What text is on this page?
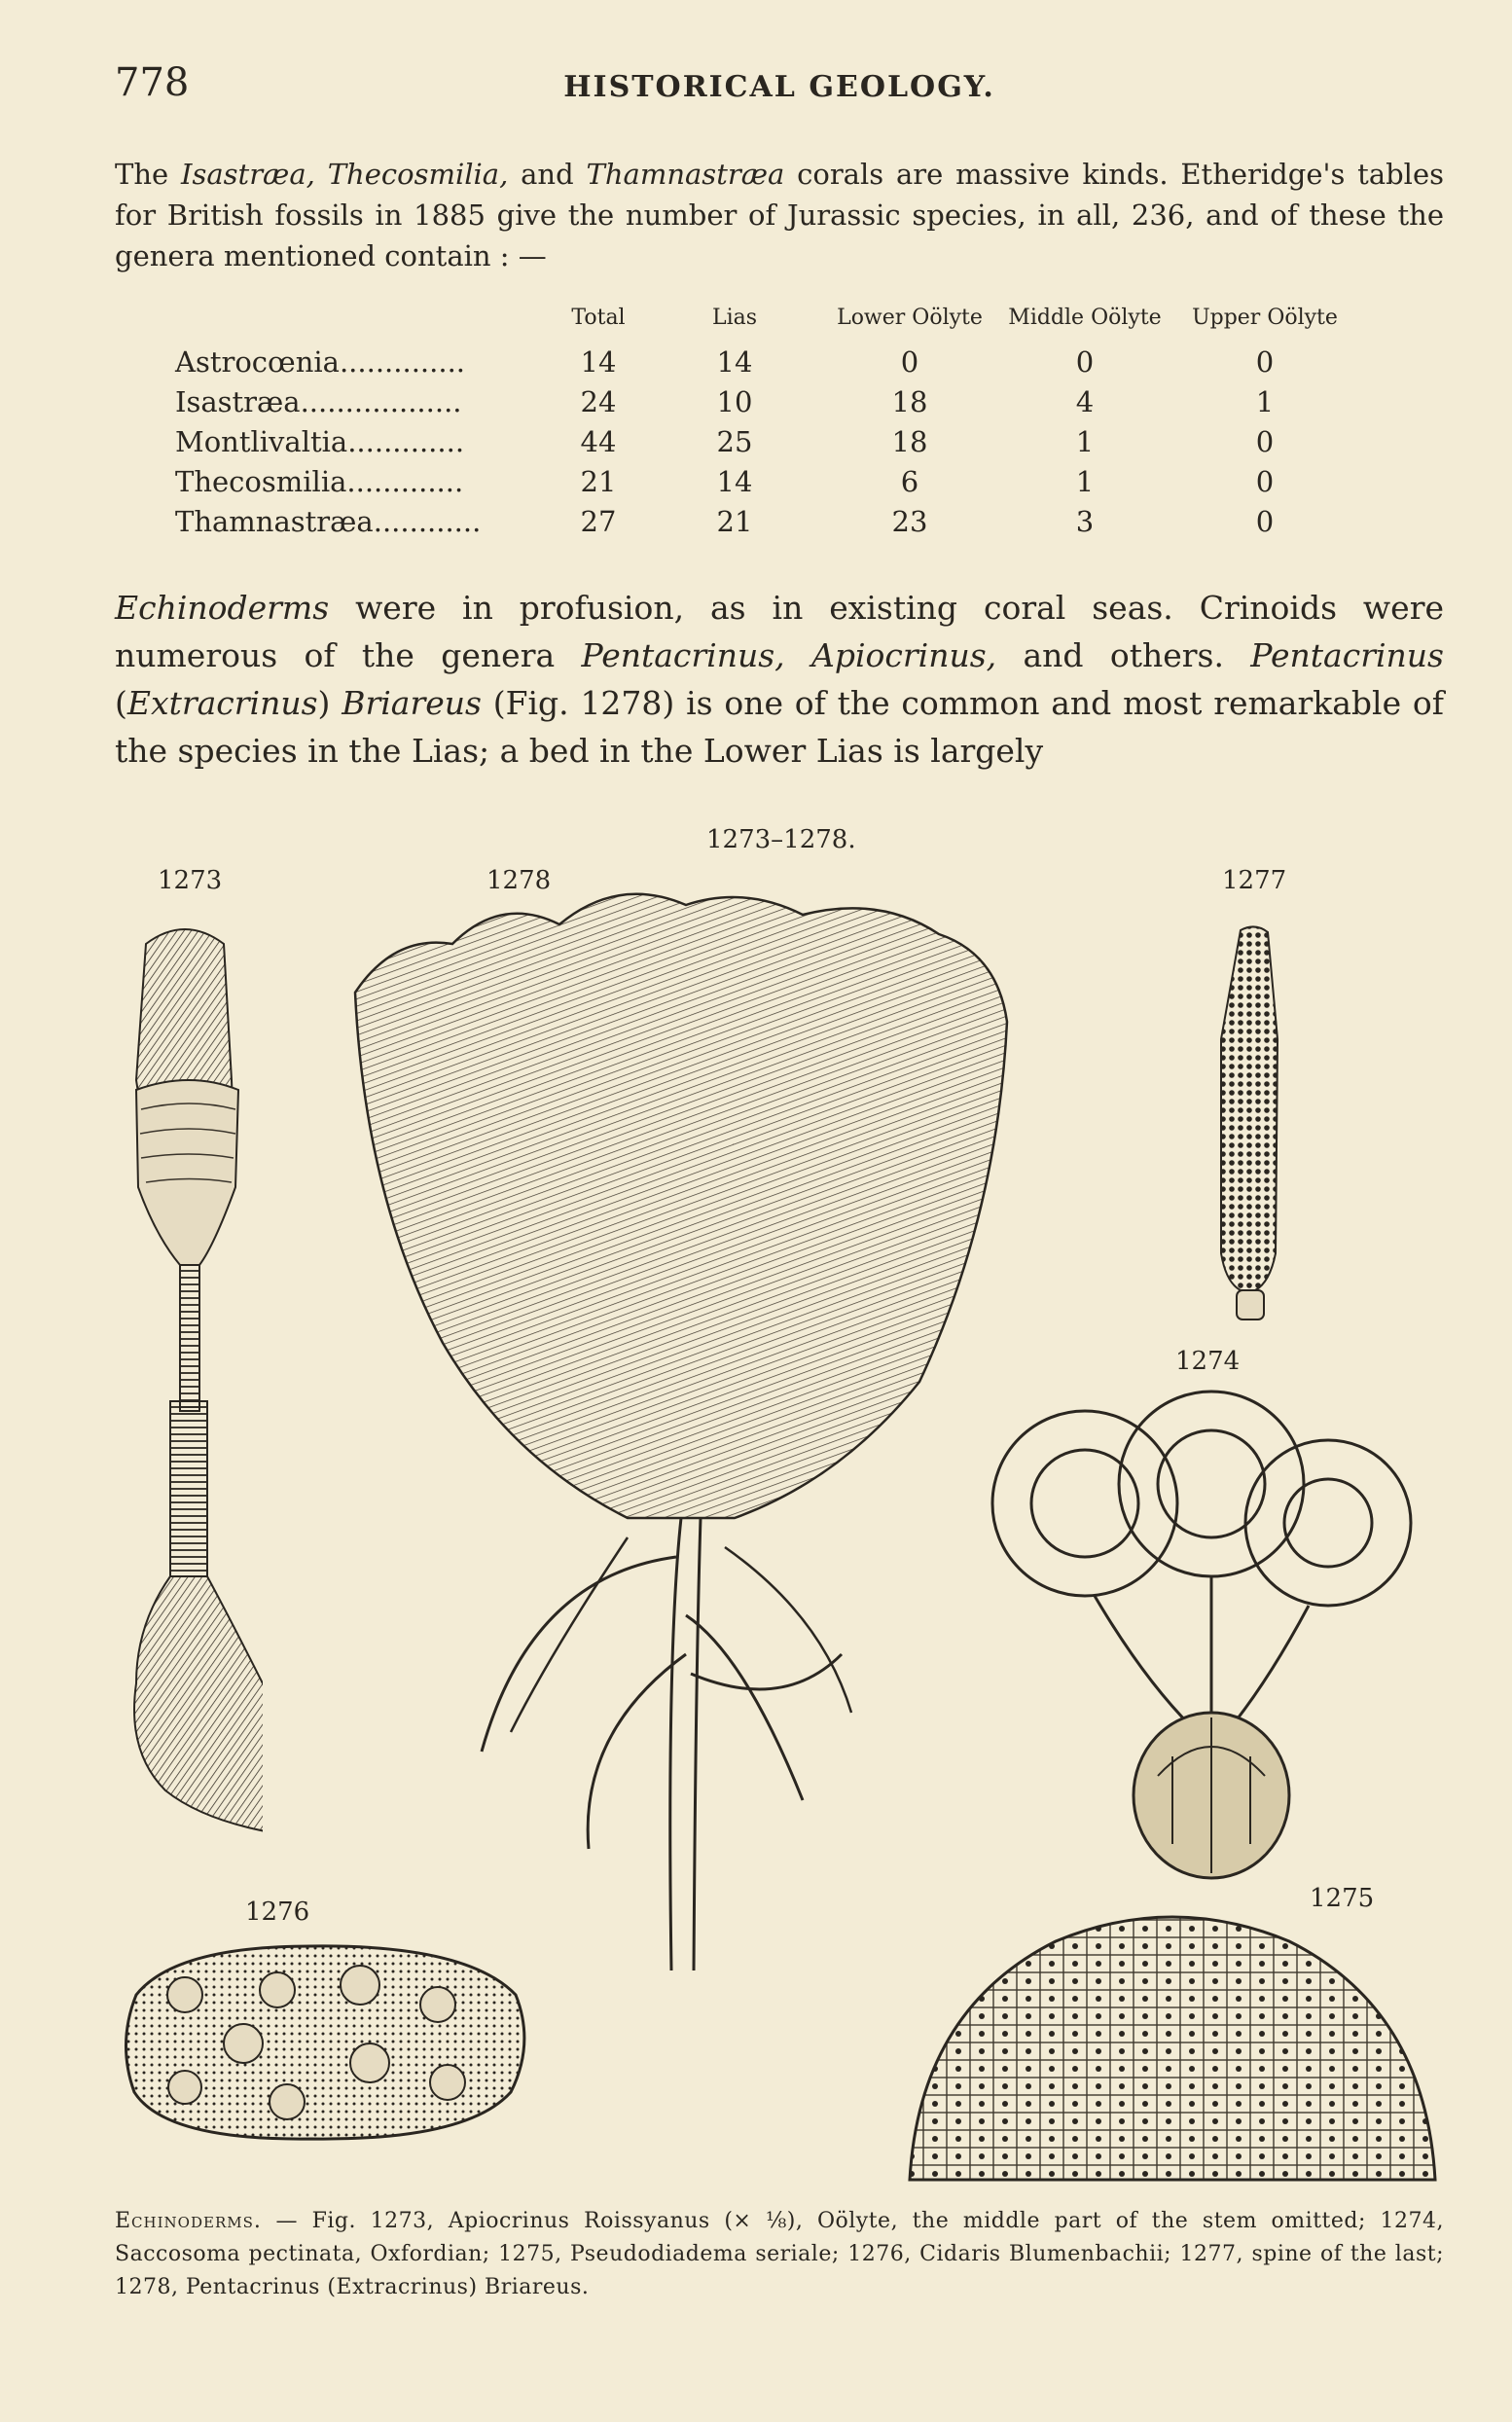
778	HISTORICAL GEOLOGY.

The Isastræa, Thecosmilia, and Thamnastræa corals are massive kinds. Etheridge's tables for British fossils in 1885 give the number of Jurassic species, in all, 236, and of these the genera mentioned contain : —

	Total	Lias	Lower Oölyte	Middle Oölyte	Upper Oölyte
Astrocœnia..............	14	14	0	0	0
Isastræa..................	24	10	18	4	1
Montlivaltia.............	44	25	18	1	0
Thecosmilia.............	21	14	6	1	0
Thamnastræa............	27	21	23	3	0

Echinoderms were in profusion, as in existing coral seas. Crinoids were numerous of the genera Pentacrinus, Apiocrinus, and others. Pentacrinus (Extracrinus) Briareus (Fig. 1278) is one of the common and most remarkable of the species in the Lias; a bed in the Lower Lias is largely

1273–1278.
1273	1278	1277
1274
1276	1275

Echinoderms. — Fig. 1273, Apiocrinus Roissyanus (× ⅛), Oölyte, the middle part of the stem omitted; 1274, Saccosoma pectinata, Oxfordian; 1275, Pseudodiadema seriale; 1276, Cidaris Blumenbachii; 1277, spine of the last; 1278, Pentacrinus (Extracrinus) Briareus.
